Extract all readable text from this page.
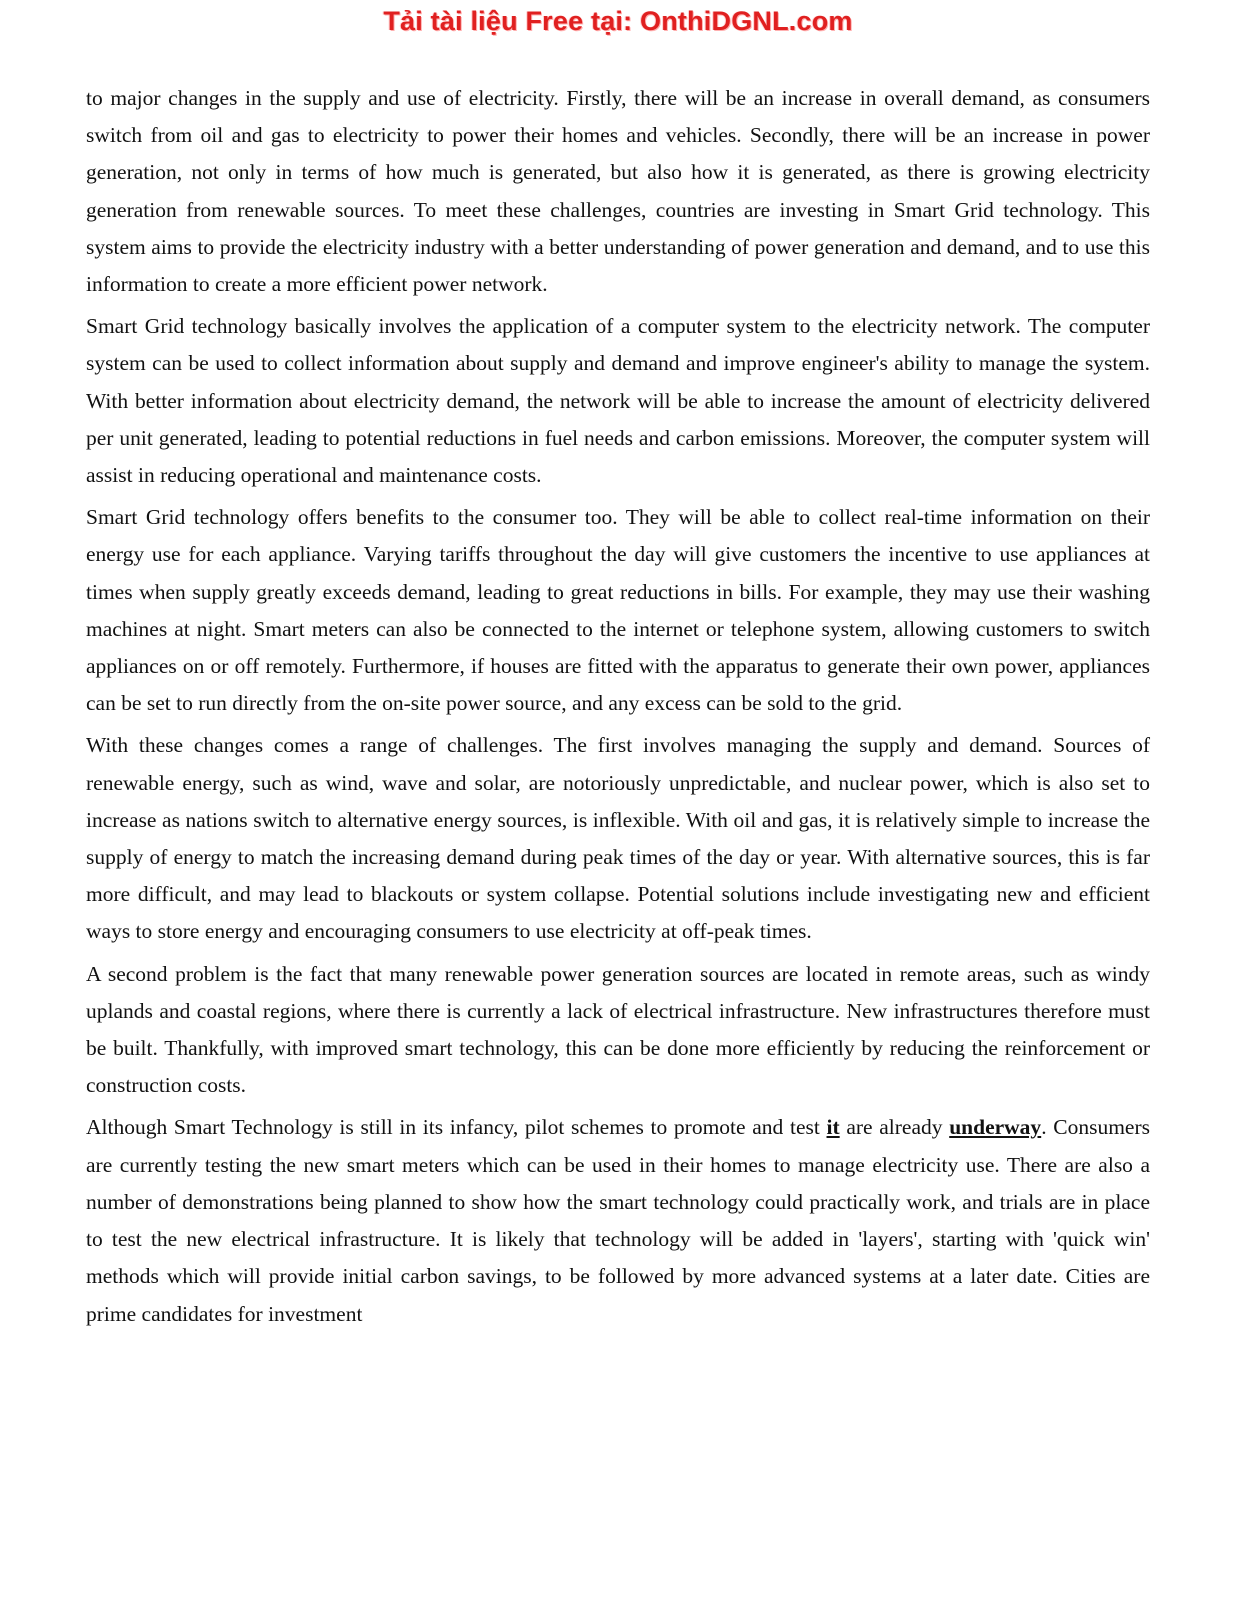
Tải tài liệu Free tại: OnthiDGNL.com

to major changes in the supply and use of electricity. Firstly, there will be an increase in overall demand, as consumers switch from oil and gas to electricity to power their homes and vehicles. Secondly, there will be an increase in power generation, not only in terms of how much is generated, but also how it is generated, as there is growing electricity generation from renewable sources. To meet these challenges, countries are investing in Smart Grid technology. This system aims to provide the electricity industry with a better understanding of power generation and demand, and to use this information to create a more efficient power network.

Smart Grid technology basically involves the application of a computer system to the electricity network. The computer system can be used to collect information about supply and demand and improve engineer's ability to manage the system. With better information about electricity demand, the network will be able to increase the amount of electricity delivered per unit generated, leading to potential reductions in fuel needs and carbon emissions. Moreover, the computer system will assist in reducing operational and maintenance costs.

Smart Grid technology offers benefits to the consumer too. They will be able to collect real-time information on their energy use for each appliance. Varying tariffs throughout the day will give customers the incentive to use appliances at times when supply greatly exceeds demand, leading to great reductions in bills. For example, they may use their washing machines at night. Smart meters can also be connected to the internet or telephone system, allowing customers to switch appliances on or off remotely. Furthermore, if houses are fitted with the apparatus to generate their own power, appliances can be set to run directly from the on-site power source, and any excess can be sold to the grid.

With these changes comes a range of challenges. The first involves managing the supply and demand. Sources of renewable energy, such as wind, wave and solar, are notoriously unpredictable, and nuclear power, which is also set to increase as nations switch to alternative energy sources, is inflexible. With oil and gas, it is relatively simple to increase the supply of energy to match the increasing demand during peak times of the day or year. With alternative sources, this is far more difficult, and may lead to blackouts or system collapse. Potential solutions include investigating new and efficient ways to store energy and encouraging consumers to use electricity at off-peak times.

A second problem is the fact that many renewable power generation sources are located in remote areas, such as windy uplands and coastal regions, where there is currently a lack of electrical infrastructure. New infrastructures therefore must be built. Thankfully, with improved smart technology, this can be done more efficiently by reducing the reinforcement or construction costs.

Although Smart Technology is still in its infancy, pilot schemes to promote and test it are already underway. Consumers are currently testing the new smart meters which can be used in their homes to manage electricity use. There are also a number of demonstrations being planned to show how the smart technology could practically work, and trials are in place to test the new electrical infrastructure. It is likely that technology will be added in 'layers', starting with 'quick win' methods which will provide initial carbon savings, to be followed by more advanced systems at a later date. Cities are prime candidates for investment
